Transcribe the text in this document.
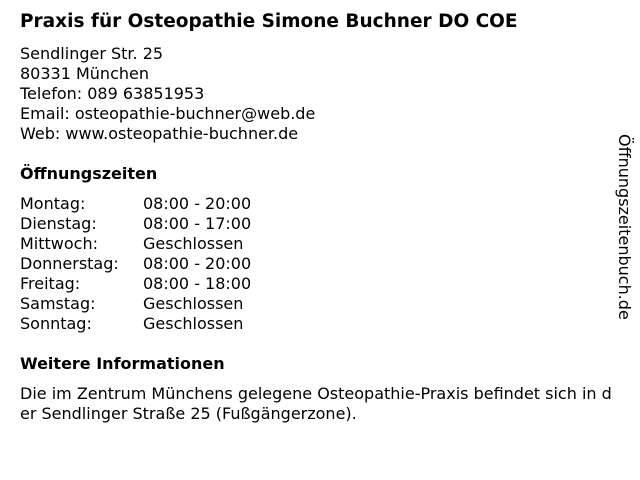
Praxis für Osteopathie Simone Buchner DO COE
Sendlinger Str. 25
80331 München
Telefon: 089 63851953
Email: osteopathie-buchner@web.de
Web: www.osteopathie-buchner.de
Öffnungszeiten
Montag:	08:00 - 20:00
Dienstag:	08:00 - 17:00
Mittwoch:	Geschlossen
Donnerstag:	08:00 - 20:00
Freitag:	08:00 - 18:00
Samstag:	Geschlossen
Sonntag:	Geschlossen
Weitere Informationen

Die im Zentrum Münchens gelegene Osteopathie-Praxis befindet sich in der Sendlinger Straße 25 (Fußgängerzone).

Öffnungszeitenbuch.de
